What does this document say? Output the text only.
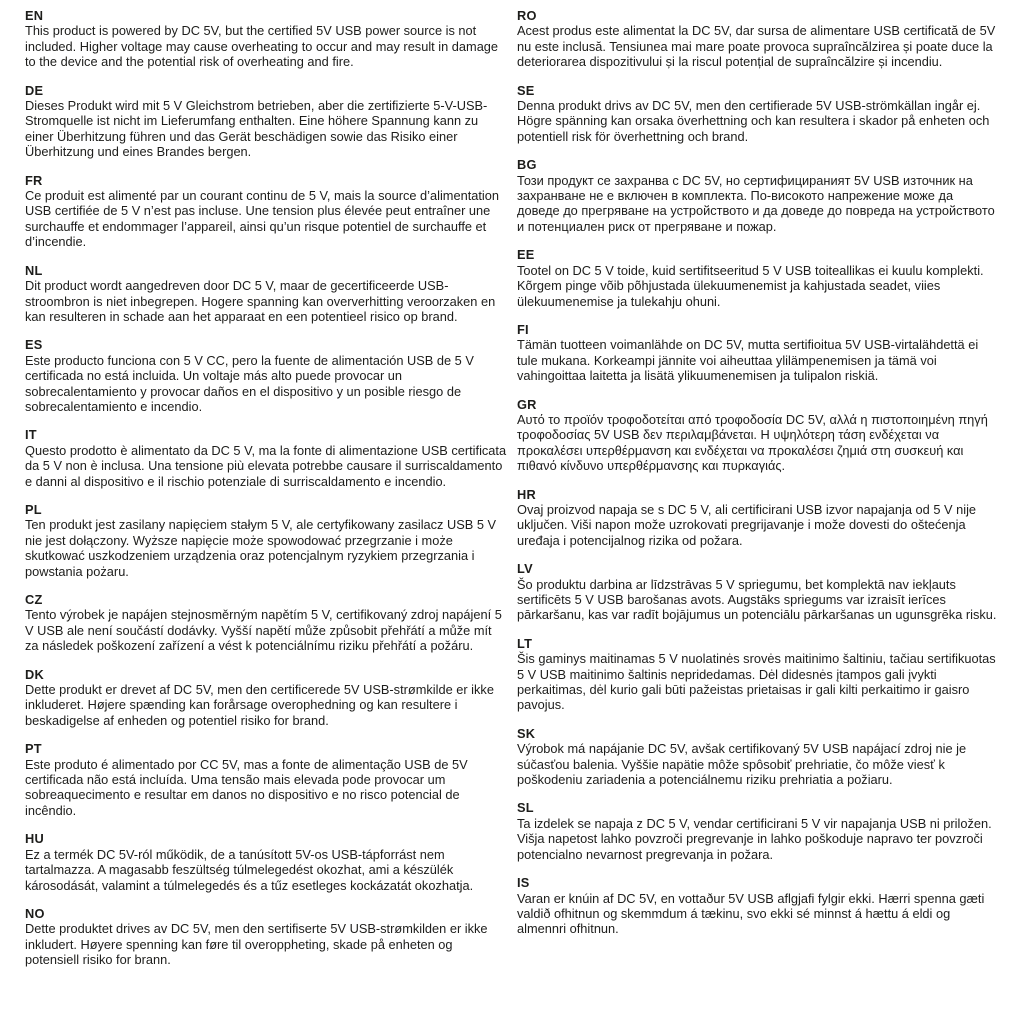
EN
This product is powered by DC 5V, but the certified 5V USB power source is not included. Higher voltage may cause overheating to occur and may result in damage to the device and the potential risk of overheating and fire.
DE
Dieses Produkt wird mit 5 V Gleichstrom betrieben, aber die zertifizierte 5-V-USB-Stromquelle ist nicht im Lieferumfang enthalten. Eine höhere Spannung kann zu einer Überhitzung führen und das Gerät beschädigen sowie das Risiko einer Überhitzung und eines Brandes bergen.
FR
Ce produit est alimenté par un courant continu de 5 V, mais la source d’alimentation USB certifiée de 5 V n’est pas incluse. Une tension plus élevée peut entraîner une surchauffe et endommager l’appareil, ainsi qu’un risque potentiel de surchauffe et d’incendie.
NL
Dit product wordt aangedreven door DC 5 V, maar de gecertificeerde USB-stroombron is niet inbegrepen. Hogere spanning kan oververhitting veroorzaken en kan resulteren in schade aan het apparaat en een potentieel risico op brand.
ES
Este producto funciona con 5 V CC, pero la fuente de alimentación USB de 5 V certificada no está incluida. Un voltaje más alto puede provocar un sobrecalentamiento y provocar daños en el dispositivo y un posible riesgo de sobrecalentamiento e incendio.
IT
Questo prodotto è alimentato da DC 5 V, ma la fonte di alimentazione USB certificata da 5 V non è inclusa. Una tensione più elevata potrebbe causare il surriscaldamento e danni al dispositivo e il rischio potenziale di surriscaldamento e incendio.
PL
Ten produkt jest zasilany napięciem stałym 5 V, ale certyfikowany zasilacz USB 5 V nie jest dołączony. Wyższe napięcie może spowodować przegrzanie i może skutkować uszkodzeniem urządzenia oraz potencjalnym ryzykiem przegrzania i powstania pożaru.
CZ
Tento výrobek je napájen stejnosměrným napětím 5 V, certifikovaný zdroj napájení 5 V USB ale není součástí dodávky. Vyšší napětí může způsobit přehřátí a může mít za následek poškození zařízení a vést k potenciálnímu riziku přehřátí a požáru.
DK
Dette produkt er drevet af DC 5V, men den certificerede 5V USB-strømkilde er ikke inkluderet. Højere spænding kan forårsage overophedning og kan resultere i beskadigelse af enheden og potentiel risiko for brand.
PT
Este produto é alimentado por CC 5V, mas a fonte de alimentação USB de 5V certificada não está incluída. Uma tensão mais elevada pode provocar um sobreaquecimento e resultar em danos no dispositivo e no risco potencial de incêndio.
HU
Ez a termék DC 5V-ról működik, de a tanúsított 5V-os USB-tápforrást nem tartalmazza. A magasabb feszültség túlmelegedést okozhat, ami a készülék károsodását, valamint a túlmelegedés és a tűz esetleges kockázatát okozhatja.
NO
Dette produktet drives av DC 5V, men den sertifiserte 5V USB-strømkilden er ikke inkludert. Høyere spenning kan føre til overoppheting, skade på enheten og potensiell risiko for brann.
RO
Acest produs este alimentat la DC 5V, dar sursa de alimentare USB certificată de 5V nu este inclusă. Tensiunea mai mare poate provoca supraîncălzirea și poate duce la deteriorarea dispozitivului și la riscul potențial de supraîncălzire și incendiu.
SE
Denna produkt drivs av DC 5V, men den certifierade 5V USB-strömkällan ingår ej. Högre spänning kan orsaka överhettning och kan resultera i skador på enheten och potentiell risk för överhettning och brand.
BG
Този продукт се захранва с DC 5V, но сертифицираният 5V USB източник на захранване не е включен в комплекта. По-високото напрежение може да доведе до прегряване на устройството и да доведе до повреда на устройството и потенциален риск от прегряване и пожар.
EE
Tootel on DC 5 V toide, kuid sertifitseeritud 5 V USB toiteallikas ei kuulu komplekti. Kõrgem pinge võib põhjustada ülekuumenemist ja kahjustada seadet, viies ülekuumenemise ja tulekahju ohuni.
FI
Tämän tuotteen voimanlähde on DC 5V, mutta sertifioitua 5V USB-virtalähdettä ei tule mukana. Korkeampi jännite voi aiheuttaa ylilämpenemisen ja tämä voi vahingoittaa laitetta ja lisätä ylikuumenemisen ja tulipalon riskiä.
GR
Αυτό το προϊόν τροφοδοτείται από τροφοδοσία DC 5V, αλλά η πιστοποιημένη πηγή τροφοδοσίας 5V USB δεν περιλαμβάνεται. Η υψηλότερη τάση ενδέχεται να προκαλέσει υπερθέρμανση και ενδέχεται να προκαλέσει ζημιά στη συσκευή και πιθανό κίνδυνο υπερθέρμανσης και πυρκαγιάς.
HR
Ovaj proizvod napaja se s DC 5 V, ali certificirani USB izvor napajanja od 5 V nije uključen. Viši napon može uzrokovati pregrijavanje i može dovesti do oštećenja uređaja i potencijalnog rizika od požara.
LV
Šo produktu darbina ar līdzstrāvas 5 V spriegumu, bet komplektā nav iekļauts sertificēts 5 V USB barošanas avots. Augstāks spriegums var izraisīt ierīces pārkaršanu, kas var radīt bojājumus un potenciālu pārkaršanas un ugunsgrēka risku.
LT
Šis gaminys maitinamas 5 V nuolatinės srovės maitinimo šaltiniu, tačiau sertifikuotas 5 V USB maitinimo šaltinis nepridedamas. Dėl didesnės įtampos gali įvykti perkaitimas, dėl kurio gali būti pažeistas prietaisas ir gali kilti perkaitimo ir gaisro pavojus.
SK
Výrobok má napájanie DC 5V, avšak certifikovaný 5V USB napájací zdroj nie je súčasťou balenia. Vyššie napätie môže spôsobiť prehriatie, čo môže viesť k poškodeniu zariadenia a potenciálnemu riziku prehriatia a požiaru.
SL
Ta izdelek se napaja z DC 5 V, vendar certificirani 5 V vir napajanja USB ni priložen. Višja napetost lahko povzroči pregrevanje in lahko poškoduje napravo ter povzroči potencialno nevarnost pregrevanja in požara.
IS
Varan er knúin af DC 5V, en vottaður 5V USB aflgjafi fylgir ekki. Hærri spenna gæti valdið ofhitnun og skemmdum á tækinu, svo ekki sé minnst á hættu á eldi og almennri ofhitnun.
